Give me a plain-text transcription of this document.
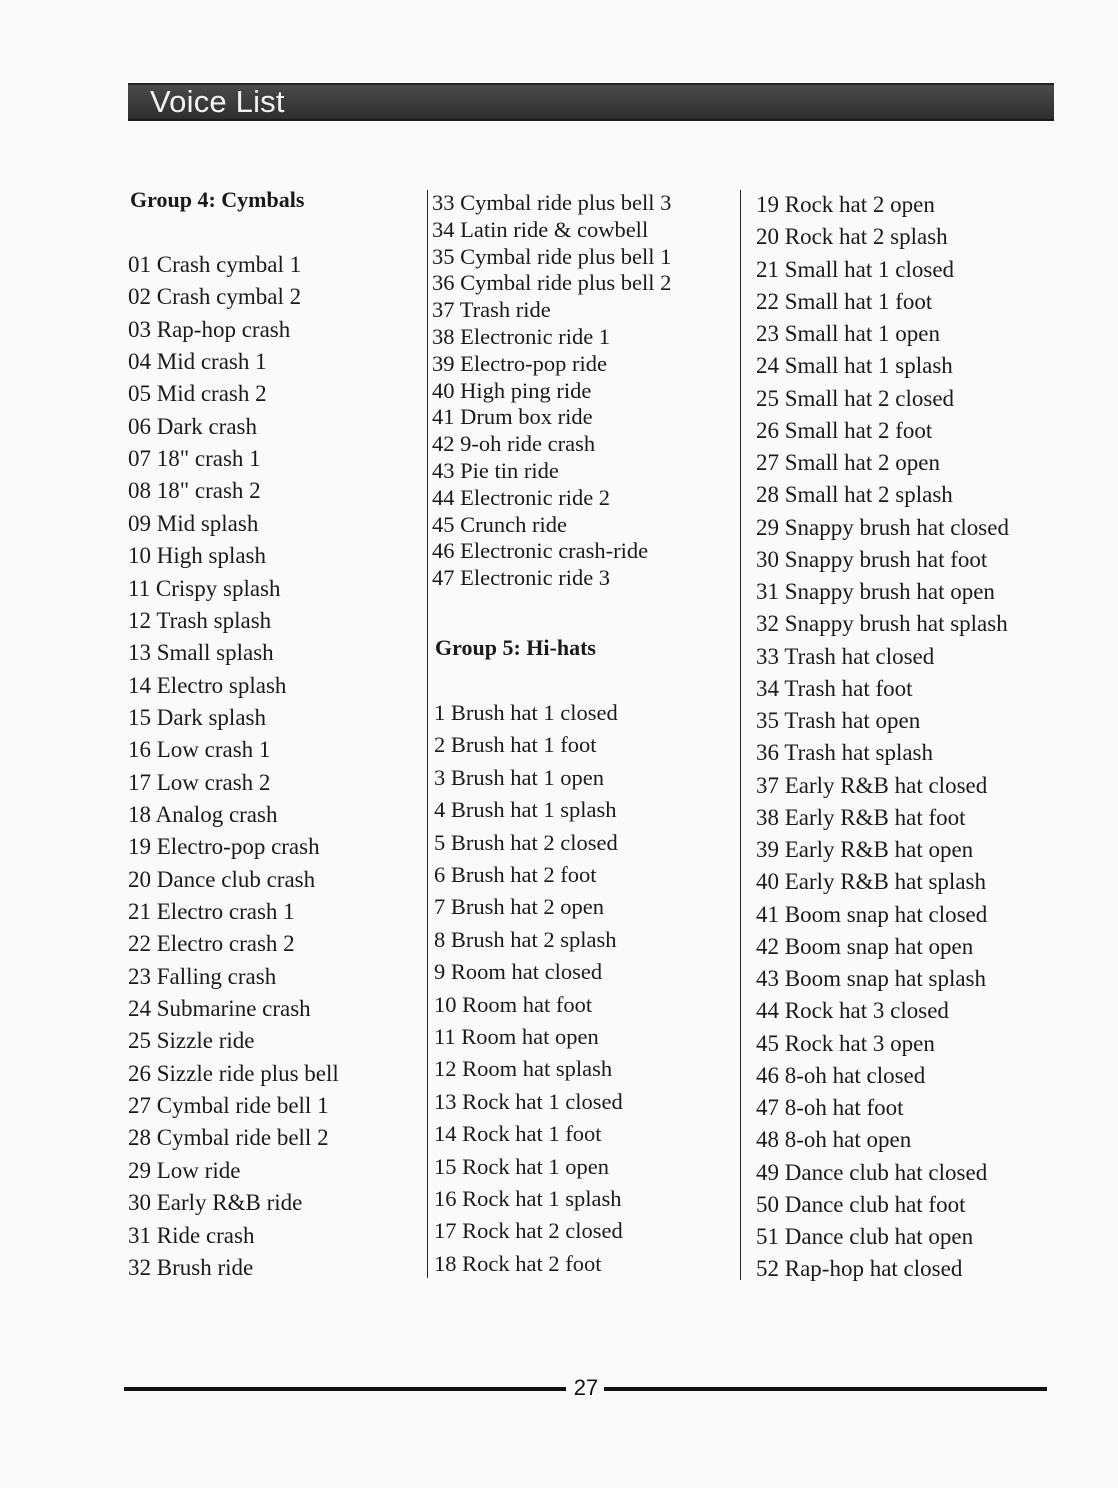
Voice List
Group 4: Cymbals
01 Crash cymbal 1
02 Crash cymbal 2
03 Rap-hop crash
04 Mid crash 1
05 Mid crash 2
06 Dark crash
07 18" crash 1
08 18" crash 2
09 Mid splash
10 High splash
11 Crispy splash
12 Trash splash
13 Small splash
14 Electro splash
15 Dark splash
16 Low crash 1
17 Low crash 2
18 Analog crash
19 Electro-pop crash
20 Dance club crash
21 Electro crash 1
22 Electro crash 2
23 Falling crash
24 Submarine crash
25 Sizzle ride
26 Sizzle ride plus bell
27 Cymbal ride bell 1
28 Cymbal ride bell 2
29 Low ride
30 Early R&B ride
31 Ride crash
32 Brush ride
33 Cymbal ride plus bell 3
34 Latin ride & cowbell
35 Cymbal ride plus bell 1
36 Cymbal ride plus bell 2
37 Trash ride
38 Electronic ride 1
39 Electro-pop ride
40 High ping ride
41 Drum box ride
42 9-oh ride crash
43 Pie tin ride
44 Electronic ride 2
45 Crunch ride
46 Electronic crash-ride
47 Electronic ride 3
Group 5: Hi-hats
1 Brush hat 1 closed
2 Brush hat 1 foot
3 Brush hat 1 open
4 Brush hat 1 splash
5 Brush hat 2 closed
6 Brush hat 2 foot
7 Brush hat 2 open
8 Brush hat 2 splash
9 Room hat closed
10 Room hat foot
11 Room hat open
12 Room hat splash
13 Rock hat 1 closed
14 Rock hat 1 foot
15 Rock hat 1 open
16 Rock hat 1 splash
17 Rock hat 2 closed
18 Rock hat 2 foot
19 Rock hat 2 open
20 Rock hat 2 splash
21 Small hat 1 closed
22 Small hat 1 foot
23 Small hat 1 open
24 Small hat 1 splash
25 Small hat 2 closed
26 Small hat 2 foot
27 Small hat 2 open
28 Small hat 2 splash
29 Snappy brush hat closed
30 Snappy brush hat foot
31 Snappy brush hat open
32 Snappy brush hat splash
33 Trash hat closed
34 Trash hat foot
35 Trash hat open
36 Trash hat splash
37 Early R&B hat closed
38 Early R&B hat foot
39 Early R&B hat open
40 Early R&B hat splash
41 Boom snap hat closed
42 Boom snap hat open
43 Boom snap hat splash
44 Rock hat 3 closed
45 Rock hat 3 open
46 8-oh hat closed
47 8-oh hat foot
48 8-oh hat open
49 Dance club hat closed
50 Dance club hat foot
51 Dance club hat open
52 Rap-hop hat closed
27
